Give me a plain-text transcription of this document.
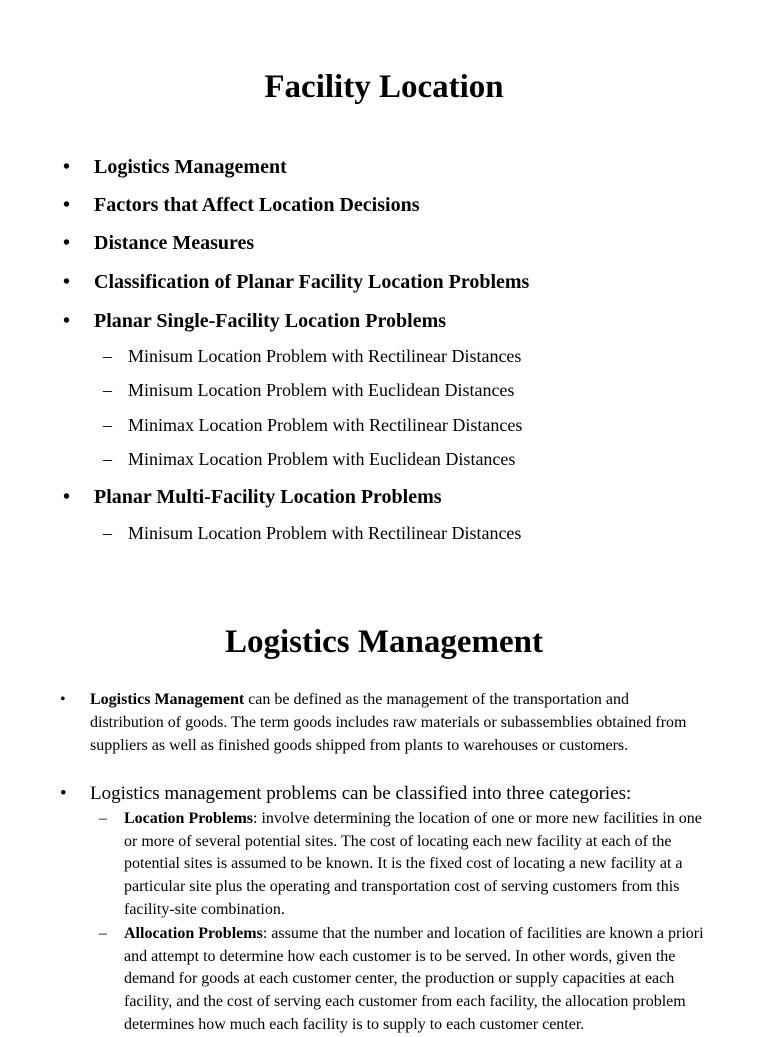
Facility Location
• Logistics Management
• Factors that Affect Location Decisions
• Distance Measures
• Classification of Planar Facility Location Problems
• Planar Single-Facility Location Problems
– Minisum Location Problem with Rectilinear Distances
– Minisum Location Problem with Euclidean Distances
– Minimax Location Problem with Rectilinear Distances
– Minimax Location Problem with Euclidean Distances
• Planar Multi-Facility Location Problems
– Minisum Location Problem with Rectilinear Distances
Logistics Management
• Logistics Management can be defined as the management of the transportation and distribution of goods. The term goods includes raw materials or subassemblies obtained from suppliers as well as finished goods shipped from plants to warehouses or customers.
• Logistics management problems can be classified into three categories:
– Location Problems: involve determining the location of one or more new facilities in one or more of several potential sites. The cost of locating each new facility at each of the potential sites is assumed to be known. It is the fixed cost of locating a new facility at a particular site plus the operating and transportation cost of serving customers from this facility-site combination.
– Allocation Problems: assume that the number and location of facilities are known a priori and attempt to determine how each customer is to be served. In other words, given the demand for goods at each customer center, the production or supply capacities at each facility, and the cost of serving each customer from each facility, the allocation problem determines how much each facility is to supply to each customer center.
